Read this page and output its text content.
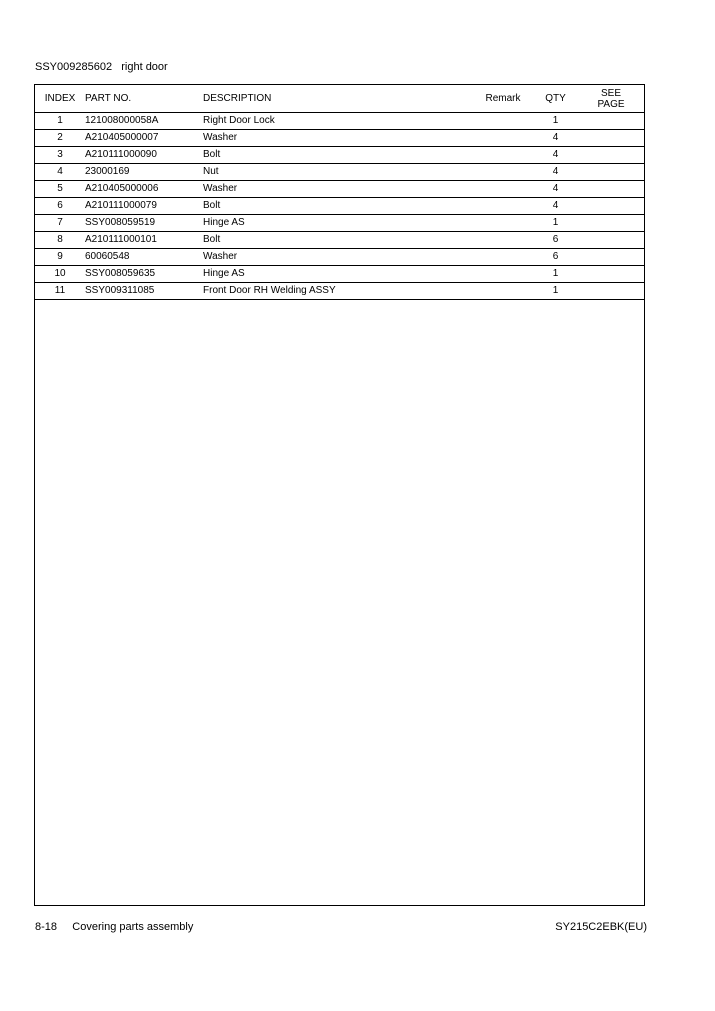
SSY009285602   right door
INDEX	PART NO.	DESCRIPTION	Remark	QTY	SEE
PAGE

1	121008000058A	Right Door Lock		1	
2	A210405000007	Washer		4	
3	A210111000090	Bolt		4	
4	23000169	Nut		4	
5	A210405000006	Washer		4	
6	A210111000079	Bolt		4	
7	SSY008059519	Hinge AS		1	
8	A210111000101	Bolt		6	
9	60060548	Washer		6	
10	SSY008059635	Hinge AS		1	
11	SSY009311085	Front Door RH Welding ASSY		1	
8-18     Covering parts assembly	SY215C2EBK(EU)
